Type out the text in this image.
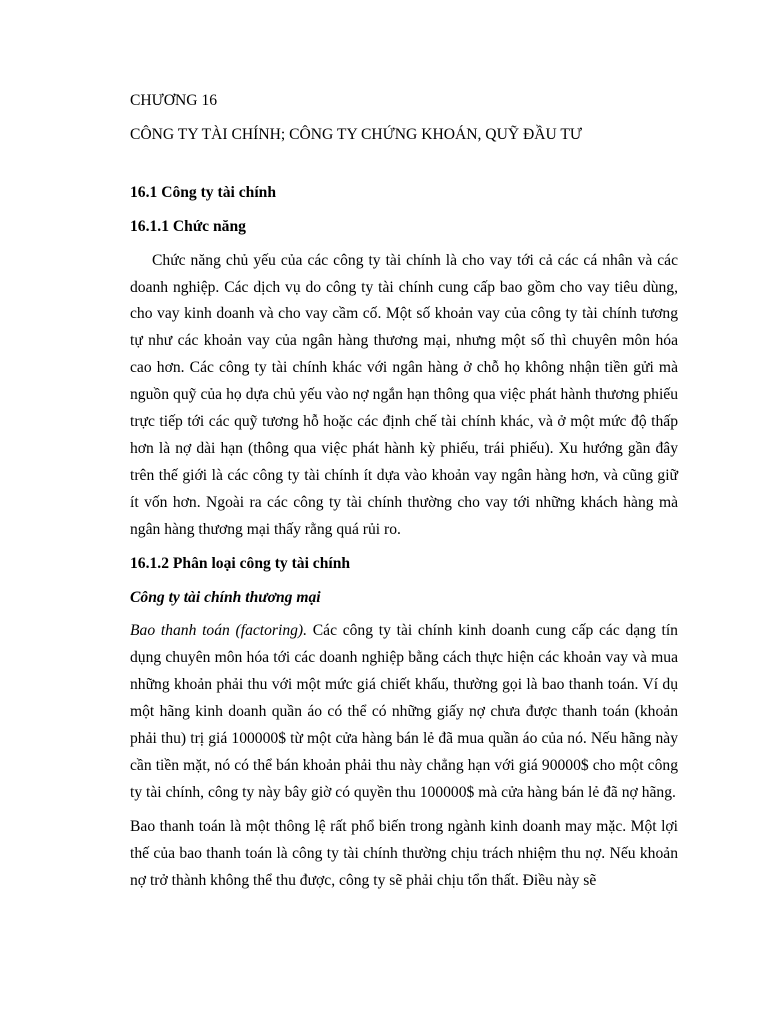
CHƯƠNG 16
CÔNG TY TÀI CHÍNH; CÔNG TY CHỨNG KHOÁN, QUỸ ĐẦU TƯ
16.1 Công ty tài chính
16.1.1 Chức năng

Chức năng chủ yếu của các công ty tài chính là cho vay tới cả các cá nhân và các doanh nghiệp. Các dịch vụ do công ty tài chính cung cấp bao gồm cho vay tiêu dùng, cho vay kinh doanh và cho vay cầm cố. Một số khoản vay của công ty tài chính tương tự như các khoản vay của ngân hàng thương mại, nhưng một số thì chuyên môn hóa cao hơn. Các công ty tài chính khác với ngân hàng ở chỗ họ không nhận tiền gửi mà nguồn quỹ của họ dựa chủ yếu vào nợ ngắn hạn thông qua việc phát hành thương phiếu trực tiếp tới các quỹ tương hỗ hoặc các định chế tài chính khác, và ở một mức độ thấp hơn là nợ dài hạn (thông qua việc phát hành kỳ phiếu, trái phiếu). Xu hướng gần đây trên thế giới là các công ty tài chính ít dựa vào khoản vay ngân hàng hơn, và cũng giữ ít vốn hơn. Ngoài ra các công ty tài chính thường cho vay tới những khách hàng mà ngân hàng thương mại thấy rằng quá rủi ro.

16.1.2 Phân loại công ty tài chính
Công ty tài chính thương mại

Bao thanh toán (factoring). Các công ty tài chính kinh doanh cung cấp các dạng tín dụng chuyên môn hóa tới các doanh nghiệp bằng cách thực hiện các khoản vay và mua những khoản phải thu với một mức giá chiết khấu, thường gọi là bao thanh toán. Ví dụ một hãng kinh doanh quần áo có thể có những giấy nợ chưa được thanh toán (khoản phải thu) trị giá 100000$ từ một cửa hàng bán lẻ đã mua quần áo của nó. Nếu hãng này cần tiền mặt, nó có thể bán khoản phải thu này chẳng hạn với giá 90000$ cho một công ty tài chính, công ty này bây giờ có quyền thu 100000$ mà cửa hàng bán lẻ đã nợ hãng.

Bao thanh toán là một thông lệ rất phổ biến trong ngành kinh doanh may mặc. Một lợi thế của bao thanh toán là công ty tài chính thường chịu trách nhiệm thu nợ. Nếu khoản nợ trở thành không thể thu được, công ty sẽ phải chịu tổn thất. Điều này sẽ
